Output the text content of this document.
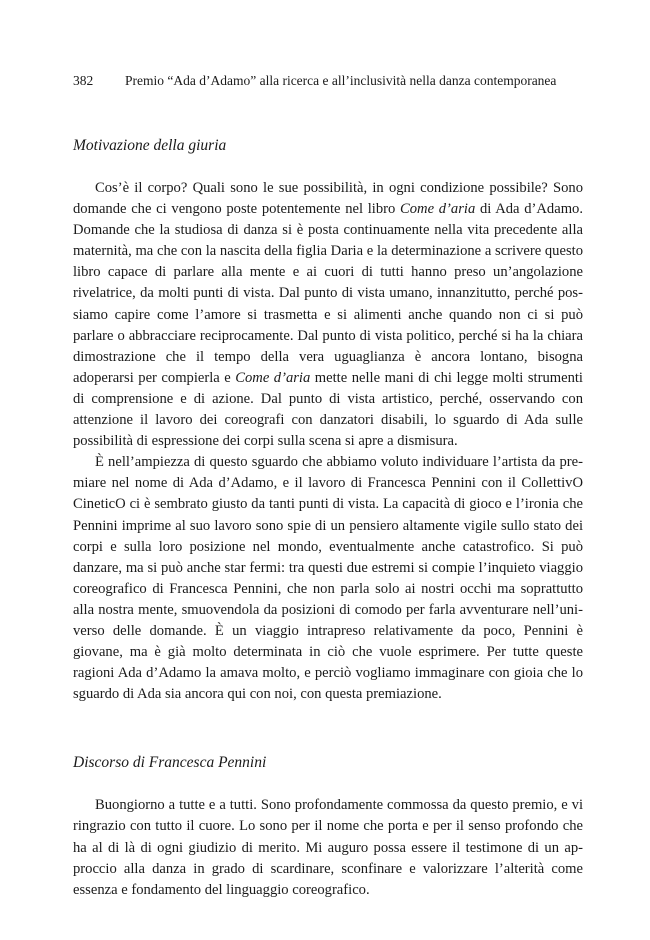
382	Premio “Ada d’Adamo” alla ricerca e all’inclusività nella danza contemporanea
Motivazione della giuria

Cos’è il corpo? Quali sono le sue possibilità, in ogni condizione possibile? Sono domande che ci vengono poste potentemente nel libro Come d’aria di Ada d’Adamo. Domande che la studiosa di danza si è posta continuamente nella vita precedente alla maternità, ma che con la nascita della figlia Daria e la determinazione a scrivere questo libro capace di parlare alla mente e ai cuori di tutti hanno preso un’angolazione rivelatrice, da molti punti di vista. Dal punto di vista umano, innanzitutto, perché possiamo capire come l’amore si trasmetta e si alimenti anche quando non ci si può parlare o abbracciare reciprocamente. Dal punto di vista politico, perché si ha la chiara dimostrazione che il tempo della vera uguaglianza è ancora lontano, bisogna adoperarsi per compierla e Come d’aria mette nelle mani di chi legge molti strumenti di comprensione e di azione. Dal punto di vista artistico, perché, osservando con attenzione il lavoro dei coreografi con danzatori disabili, lo sguardo di Ada sulle possibilità di espressione dei corpi sulla scena si apre a dismisura.

È nell’ampiezza di questo sguardo che abbiamo voluto individuare l’artista da premiare nel nome di Ada d’Adamo, e il lavoro di Francesca Pennini con il CollettivO CineticO ci è sembrato giusto da tanti punti di vista. La capacità di gioco e l’ironia che Pennini imprime al suo lavoro sono spie di un pensiero altamente vigile sullo stato dei corpi e sulla loro posizione nel mondo, eventualmente anche catastrofico. Si può danzare, ma si può anche star fermi: tra questi due estremi si compie l’inquieto viaggio coreografico di Francesca Pennini, che non parla solo ai nostri occhi ma soprattutto alla nostra mente, smuovendola da posizioni di comodo per farla avventurare nell’universo delle domande. È un viaggio intrapreso relativamente da poco, Pennini è giovane, ma è già molto determinata in ciò che vuole esprimere. Per tutte queste ragioni Ada d’Adamo la amava molto, e perciò vogliamo immaginare con gioia che lo sguardo di Ada sia ancora qui con noi, con questa premiazione.

Discorso di Francesca Pennini

Buongiorno a tutte e a tutti. Sono profondamente commossa da questo premio, e vi ringrazio con tutto il cuore. Lo sono per il nome che porta e per il senso profondo che ha al di là di ogni giudizio di merito. Mi auguro possa essere il testimone di un approccio alla danza in grado di scardinare, sconfinare e valorizzare l’alterità come essenza e fondamento del linguaggio coreografico.
